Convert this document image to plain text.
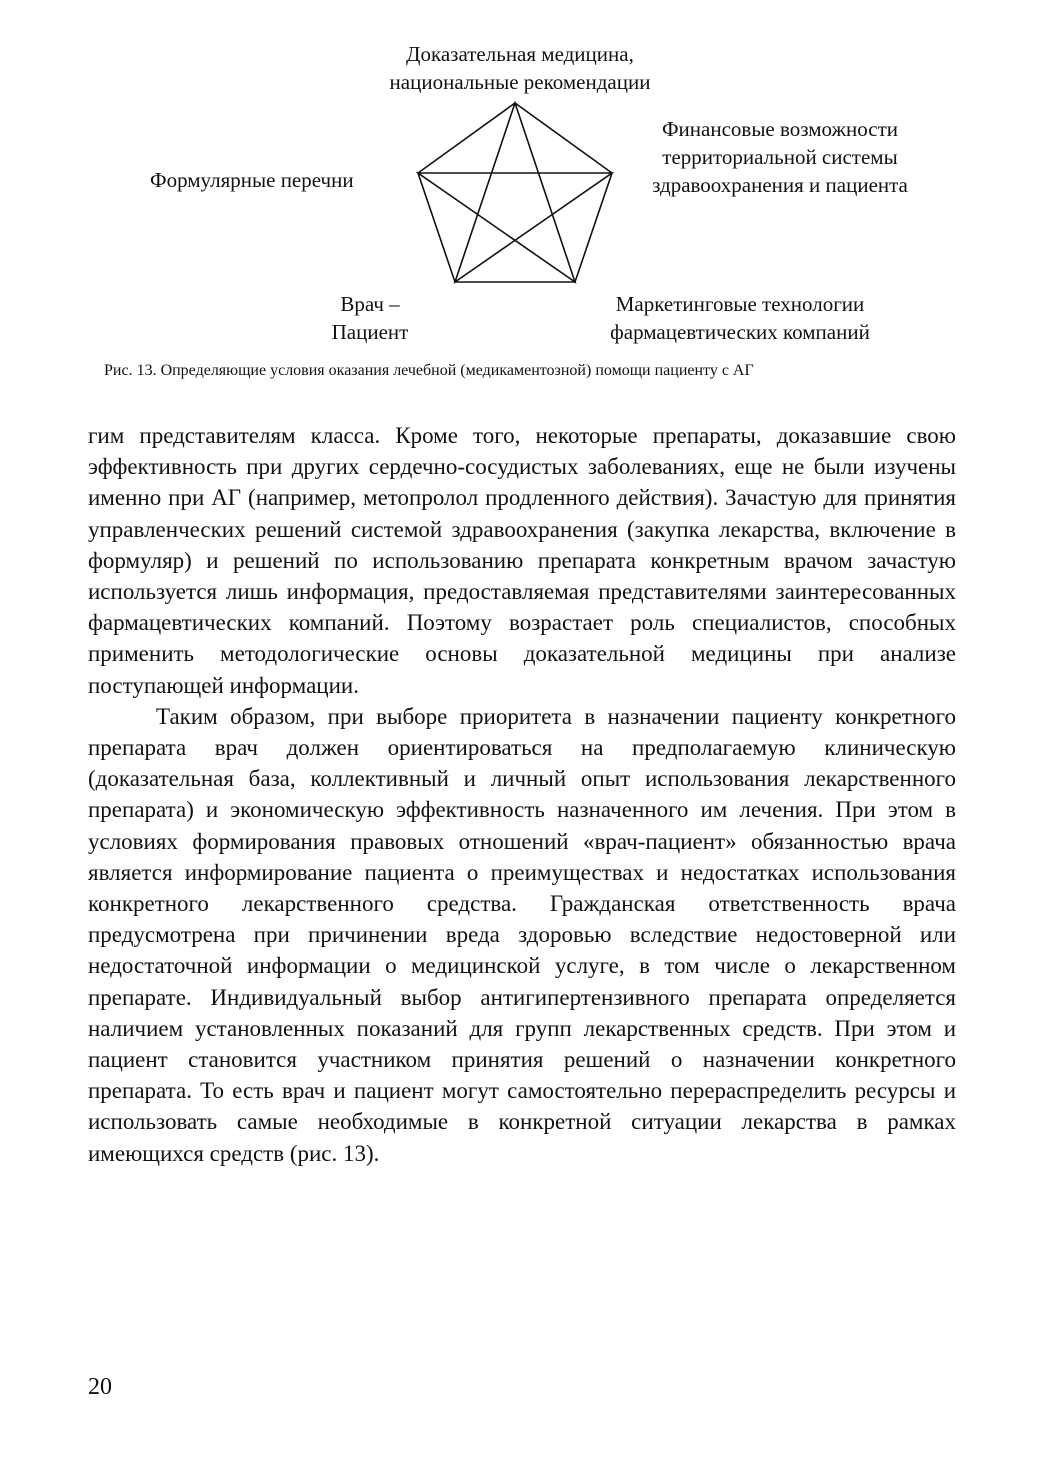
Доказательная медицина,
национальные рекомендации
Формулярные перечни
Финансовые возможности
территориальной системы
здравоохранения и пациента
Врач –
Пациент
Маркетинговые технологии
фармацевтических компаний
Рис. 13. Определяющие условия оказания лечебной (медикаментозной) помощи пациенту с АГ

гим представителям класса. Кроме того, некоторые препараты, доказавшие свою эффективность при других сердечно-сосудистых заболеваниях, еще не были изучены именно при АГ (например, метопролол продленного действия). Зачастую для принятия управленческих решений системой здравоохранения (закупка лекарства, включение в формуляр) и решений по использованию препарата конкретным врачом зачастую используется лишь информация, предоставляемая представителями заинтересованных фармацевтических компаний. Поэтому возрастает роль специалистов, способных применить методологические основы доказательной медицины при анализе поступающей информации.

Таким образом, при выборе приоритета в назначении пациенту конкретного препарата врач должен ориентироваться на предполагаемую клиническую (доказательная база, коллективный и личный опыт использования лекарственного препарата) и экономическую эффективность назначенного им лечения. При этом в условиях формирования правовых отношений «врач-пациент» обязанностью врача является информирование пациента о преимуществах и недостатках использования конкретного лекарственного средства. Гражданская ответственность врача предусмотрена при причинении вреда здоровью вследствие недостоверной или недостаточной информации о медицинской услуге, в том числе о лекарственном препарате. Индивидуальный выбор антигипертензивного препарата определяется наличием установленных показаний для групп лекарственных средств. При этом и пациент становится участником принятия решений о назначении конкретного препарата. То есть врач и пациент могут самостоятельно перераспределить ресурсы и использовать самые необходимые в конкретной ситуации лекарства в рамках имеющихся средств (рис. 13).

20
